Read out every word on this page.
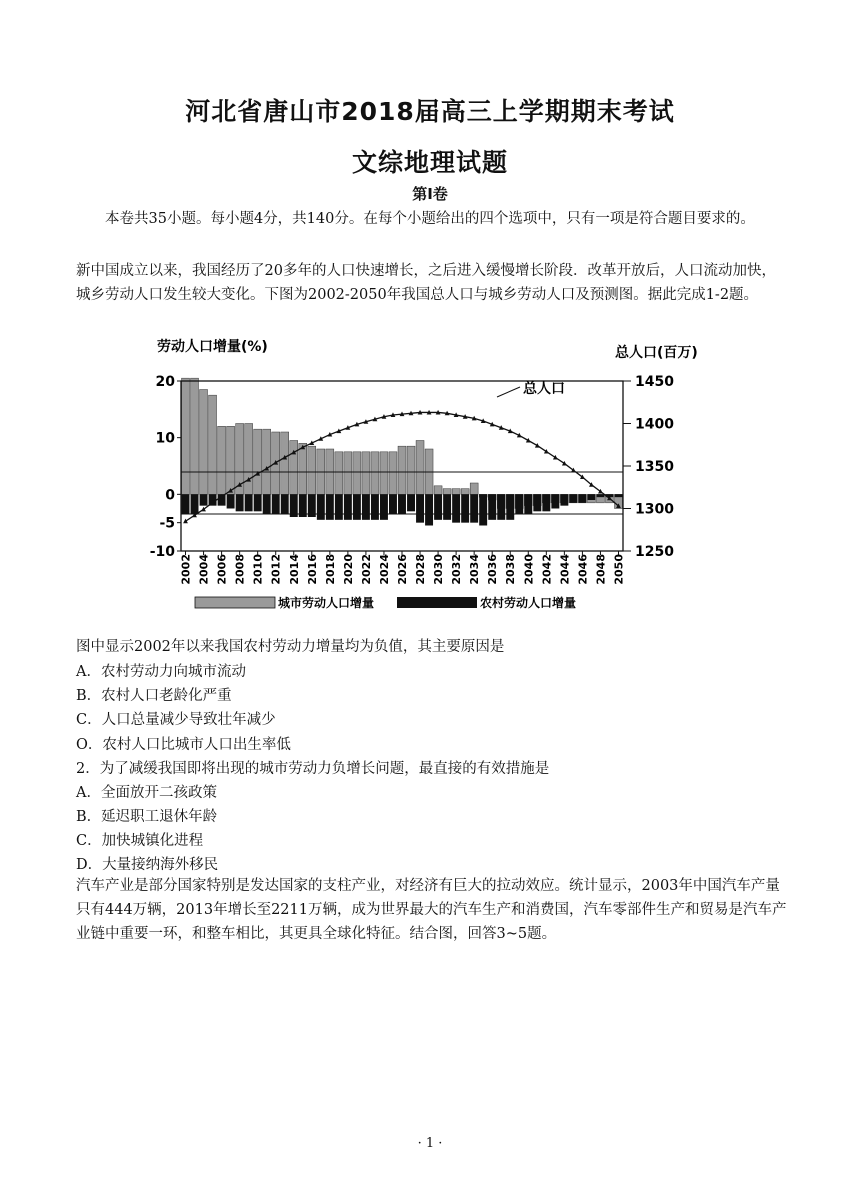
河北省唐山市2018届高三上学期期末考试
文综地理试题
第Ⅰ卷
本卷共35小题。每小题4分，共140分。在每个小题给出的四个选项中，只有一项是符合题目要求的。
新中国成立以来，我国经历了20多年的人口快速增长，之后进入缓慢增长阶段．改革开放后，人口流动加快，城乡劳动人口发生较大变化。下图为2002-2050年我国总人口与城乡劳动人口及预测图。据此完成1-2题。
20
10
0
-5
-10
1450
1400
1350
1300
1250
2002 2004 2006 2008 2010 2012 2014 2016 2018 2020 2022 2024 2026 2028 2030 2032 2034 2036 2038 2040 2042 2044 2046 2048 2050
劳动人口增量(%)	总人口(百万)
总人口
城市劳动人口增量	农村劳动人口增量
图中显示2002年以来我国农村劳动力增量均为负值，其主要原因是
A．农村劳动力向城市流动
B．农村人口老龄化严重
C．人口总量减少导致壮年减少
O．农村人口比城市人口出生率低
2．为了减缓我国即将出现的城市劳动力负增长问题，最直接的有效措施是
A．全面放开二孩政策
B．延迟职工退休年龄
C．加快城镇化进程
D．大量接纳海外移民
汽车产业是部分国家特别是发达国家的支柱产业，对经济有巨大的拉动效应。统计显示，2003年中国汽车产量只有444万辆，2013年增长至2211万辆，成为世界最大的汽车生产和消费国，汽车零部件生产和贸易是汽车产业链中重要一环，和整车相比，其更具全球化特征。结合图，回答3~5题。
· 1 ·
